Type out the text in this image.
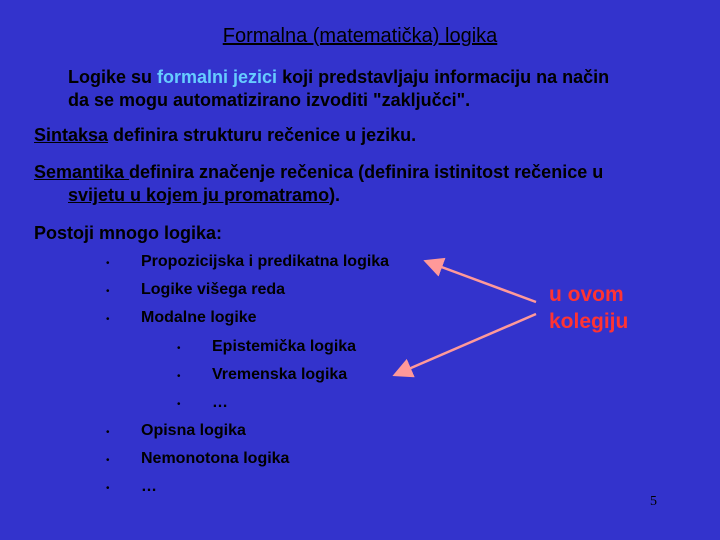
Formalna (matematička) logika
Logike su formalni jezici koji predstavljaju informaciju na način
da se mogu automatizirano izvoditi "zaključci".
Sintaksa definira strukturu rečenice u jeziku.
Semantika definira značenje rečenica (definira istinitost rečenice u
svijetu u kojem ju promatramo).
Postoji mnogo logika:
• Propozicijska i predikatna logika
• Logike višega reda
• Modalne logike
• Epistemička logika
• Vremenska logika
• …
• Opisna logika
• Nemonotona logika
• …
u ovom
kolegiju
5
